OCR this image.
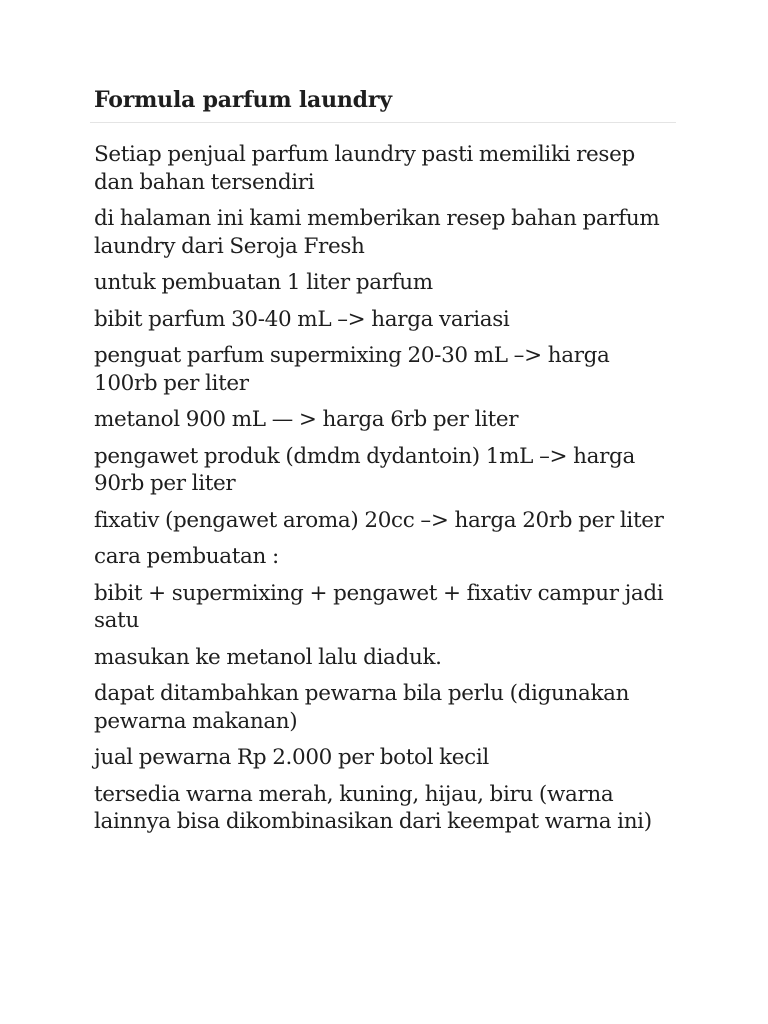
Formula parfum laundry

Setiap penjual parfum laundry pasti memiliki resep dan bahan tersendiri

di halaman ini kami memberikan resep bahan parfum laundry dari Seroja Fresh

untuk pembuatan 1 liter parfum

bibit parfum 30-40 mL –> harga variasi

penguat parfum supermixing 20-30 mL –> harga 100rb per liter

metanol 900 mL — > harga 6rb per liter

pengawet produk (dmdm dydantoin) 1mL –> harga 90rb per liter

fixativ (pengawet aroma) 20cc –> harga 20rb per liter

cara pembuatan :

bibit + supermixing + pengawet + fixativ campur jadi satu

masukan ke metanol lalu diaduk.

dapat ditambahkan pewarna bila perlu (digunakan pewarna makanan)

jual pewarna Rp 2.000 per botol kecil

tersedia warna merah, kuning, hijau, biru (warna lainnya bisa dikombinasikan dari keempat warna ini)
